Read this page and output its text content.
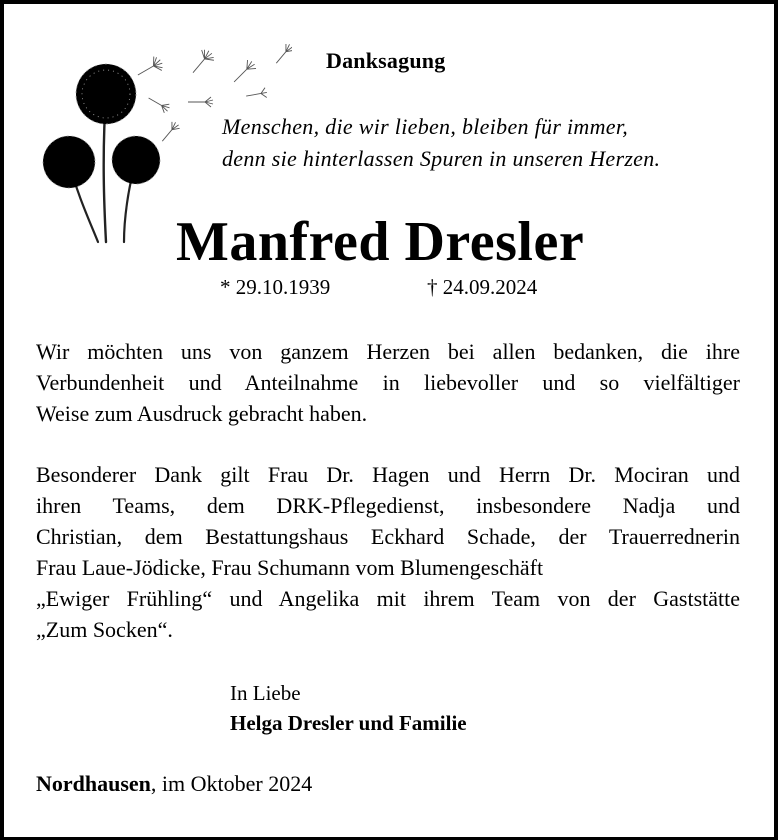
Danksagung
Menschen, die wir lieben, bleiben für immer,
denn sie hinterlassen Spuren in unseren Herzen.
Manfred Dresler
* 29.10.1939	† 24.09.2024
Wir möchten uns von ganzem Herzen bei allen bedanken, die ihre
Verbundenheit und Anteilnahme in liebevoller und so vielfältiger
Weise zum Ausdruck gebracht haben.
Besonderer Dank gilt Frau Dr. Hagen und Herrn Dr. Mociran und
ihren Teams, dem DRK-Pflegedienst, insbesondere Nadja und
Christian, dem Bestattungshaus Eckhard Schade, der Trauerrednerin
Frau Laue-Jödicke, Frau Schumann vom Blumengeschäft
„Ewiger Frühling“ und Angelika mit ihrem Team von der Gaststätte
„Zum Socken“.
In Liebe
Helga Dresler und Familie
Nordhausen, im Oktober 2024
